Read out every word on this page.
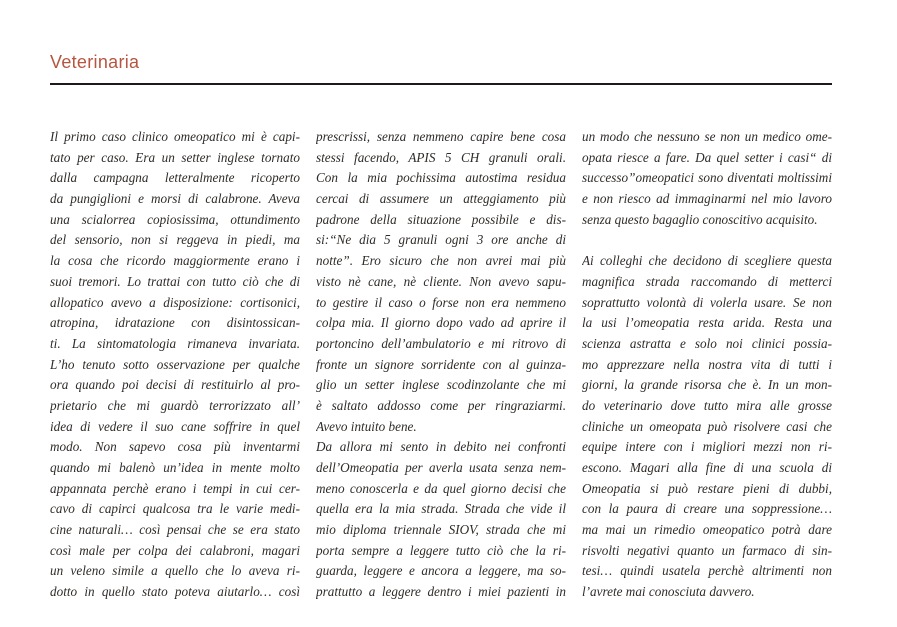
Veterinaria
Il primo caso clinico omeopatico mi è capi-
tato per caso. Era un setter inglese tornato
dalla campagna letteralmente ricoperto
da pungiglioni e morsi di calabrone. Aveva
una scialorrea copiosissima, ottundimento
del sensorio, non si reggeva in piedi, ma
la cosa che ricordo maggiormente erano i
suoi tremori. Lo trattai con tutto ciò che di
allopatico avevo a disposizione: cortisonici,
atropina, idratazione con disintossican-
ti. La sintomatologia rimaneva invariata.
L’ho tenuto sotto osservazione per qualche
ora quando poi decisi di restituirlo al pro-
prietario che mi guardò terrorizzato all’
idea di vedere il suo cane soffrire in quel
modo. Non sapevo cosa più inventarmi
quando mi balenò un’idea in mente molto
appannata perchè erano i tempi in cui cer-
cavo di capirci qualcosa tra le varie medi-
cine naturali… così pensai che se era stato
così male per colpa dei calabroni, magari
un veleno simile a quello che lo aveva ri-
dotto in quello stato poteva aiutarlo… così
prescrissi, senza nemmeno capire bene cosa
stessi facendo, APIS 5 CH granuli orali.
Con la mia pochissima autostima residua
cercai di assumere un atteggiamento più
padrone della situazione possibile e dis-
si:“Ne dia 5 granuli ogni 3 ore anche di
notte”. Ero sicuro che non avrei mai più
visto nè cane, nè cliente. Non avevo sapu-
to gestire il caso o forse non era nemmeno
colpa mia. Il giorno dopo vado ad aprire il
portoncino dell’ambulatorio e mi ritrovo di
fronte un signore sorridente con al guinza-
glio un setter inglese scodinzolante che mi
è saltato addosso come per ringraziarmi.
Avevo intuito bene.
Da allora mi sento in debito nei confronti
dell’Omeopatia per averla usata senza nem-
meno conoscerla e da quel giorno decisi che
quella era la mia strada. Strada che vide il
mio diploma triennale SIOV, strada che mi
porta sempre a leggere tutto ciò che la ri-
guarda, leggere e ancora a leggere, ma so-
prattutto a leggere dentro i miei pazienti in
un modo che nessuno se non un medico ome-
opata riesce a fare. Da quel setter i casi“ di
successo”omeopatici sono diventati moltissimi
e non riesco ad immaginarmi nel mio lavoro
senza questo bagaglio conoscitivo acquisito.
Ai colleghi che decidono di scegliere questa
magnifica strada raccomando di metterci
soprattutto volontà di volerla usare. Se non
la usi l’omeopatia resta arida. Resta una
scienza astratta e solo noi clinici possia-
mo apprezzare nella nostra vita di tutti i
giorni, la grande risorsa che è. In un mon-
do veterinario dove tutto mira alle grosse
cliniche un omeopata può risolvere casi che
equipe intere con i migliori mezzi non ri-
escono. Magari alla fine di una scuola di
Omeopatia si può restare pieni di dubbi,
con la paura di creare una soppressione…
ma mai un rimedio omeopatico potrà dare
risvolti negativi quanto un farmaco di sin-
tesi… quindi usatela perchè altrimenti non
l’avrete mai conosciuta davvero.
